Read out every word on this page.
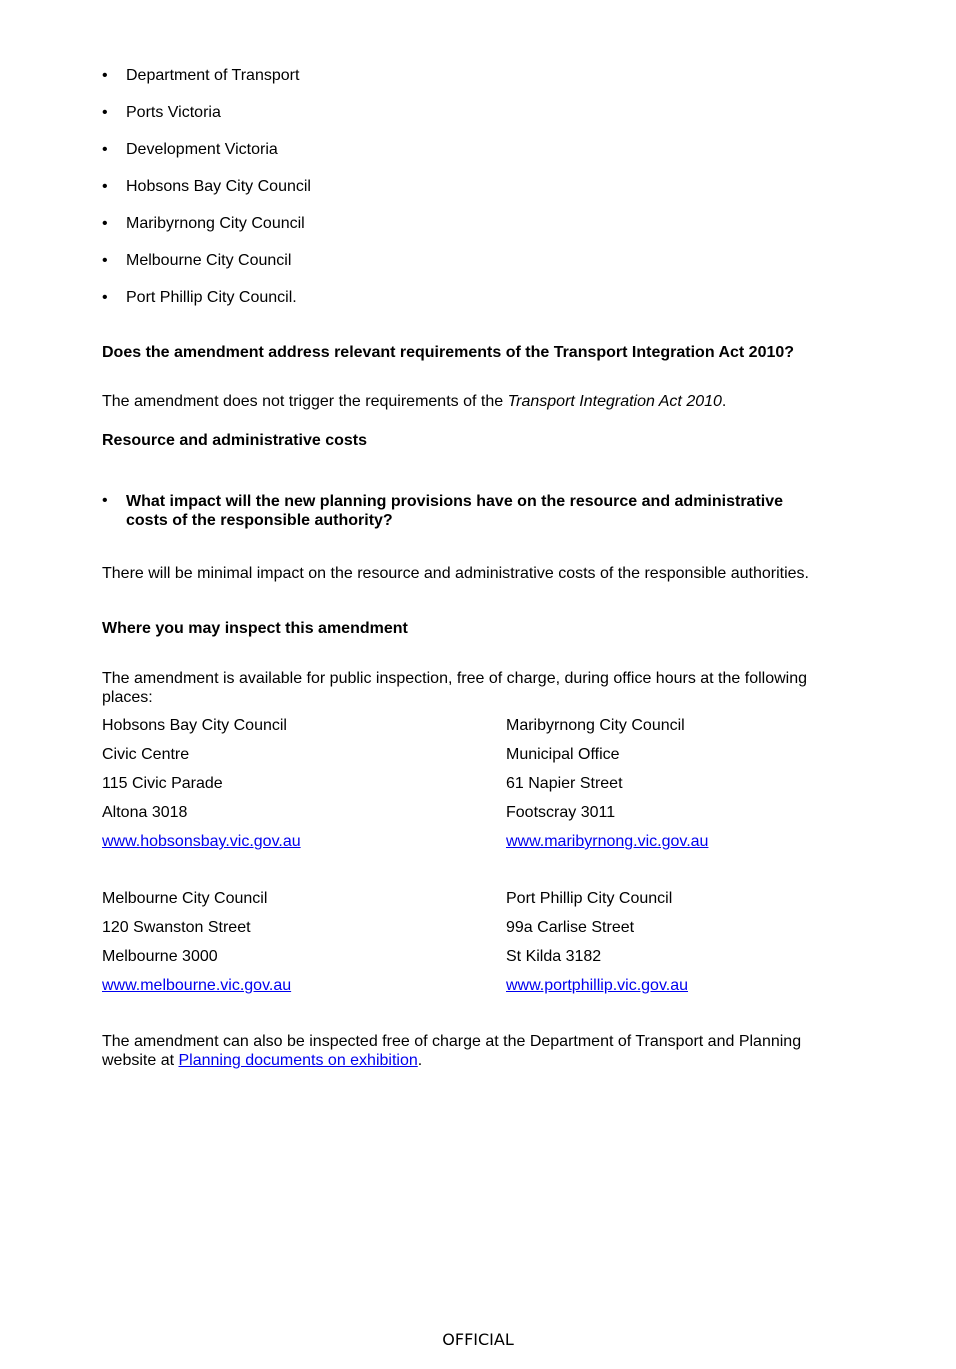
• Department of Transport
• Ports Victoria
• Development Victoria
• Hobsons Bay City Council
• Maribyrnong City Council
• Melbourne City Council
• Port Phillip City Council.
Does the amendment address relevant requirements of the Transport Integration Act 2010?
The amendment does not trigger the requirements of the Transport Integration Act 2010.
Resource and administrative costs
• What impact will the new planning provisions have on the resource and administrative costs of the responsible authority?
There will be minimal impact on the resource and administrative costs of the responsible authorities.
Where you may inspect this amendment
The amendment is available for public inspection, free of charge, during office hours at the following places:
Hobsons Bay City Council
Civic Centre
115 Civic Parade
Altona 3018
www.hobsonsbay.vic.gov.au
Maribyrnong City Council
Municipal Office
61 Napier Street
Footscray 3011
www.maribyrnong.vic.gov.au
Melbourne City Council
120 Swanston Street
Melbourne 3000
www.melbourne.vic.gov.au
Port Phillip City Council
99a Carlise Street
St Kilda 3182
www.portphillip.vic.gov.au
The amendment can also be inspected free of charge at the Department of Transport and Planning website at Planning documents on exhibition.
OFFICIAL
